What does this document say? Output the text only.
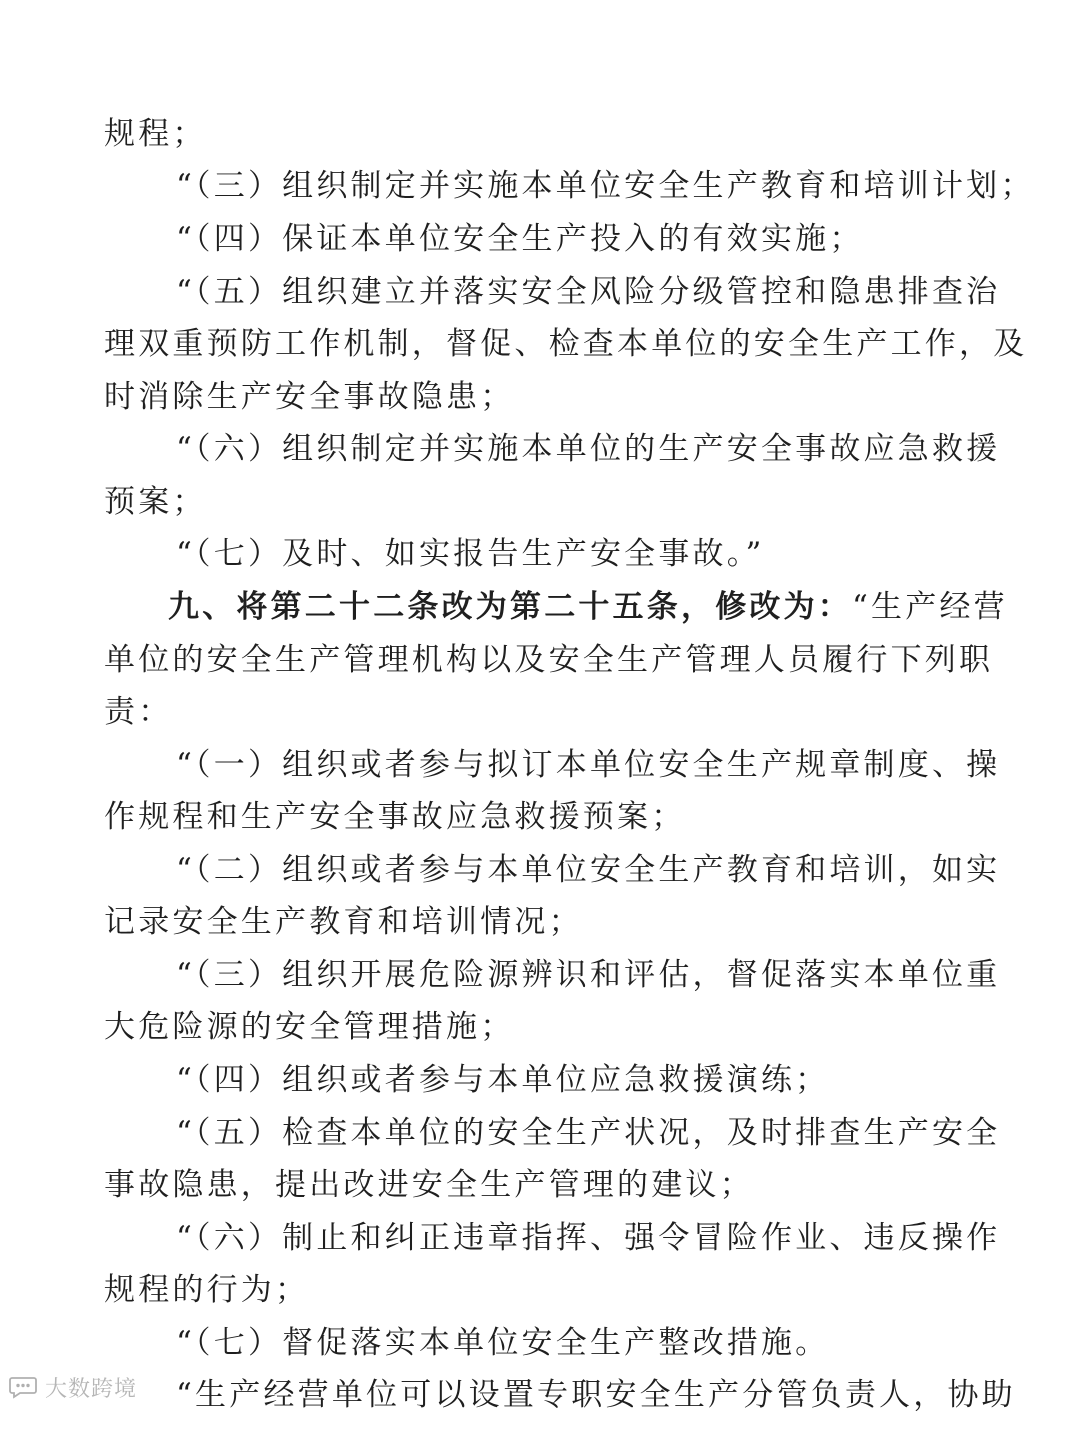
规程；
“（三）组织制定并实施本单位安全生产教育和培训计划；
“（四）保证本单位安全生产投入的有效实施；
“（五）组织建立并落实安全风险分级管控和隐患排查治
理双重预防工作机制，督促、检查本单位的安全生产工作，及
时消除生产安全事故隐患；
“（六）组织制定并实施本单位的生产安全事故应急救援
预案；
“（七）及时、如实报告生产安全事故。”
九、将第二十二条改为第二十五条，修改为：“生产经营
单位的安全生产管理机构以及安全生产管理人员履行下列职
责：
“（一）组织或者参与拟订本单位安全生产规章制度、操
作规程和生产安全事故应急救援预案；
“（二）组织或者参与本单位安全生产教育和培训，如实
记录安全生产教育和培训情况；
“（三）组织开展危险源辨识和评估，督促落实本单位重
大危险源的安全管理措施；
“（四）组织或者参与本单位应急救援演练；
“（五）检查本单位的安全生产状况，及时排查生产安全
事故隐患，提出改进安全生产管理的建议；
“（六）制止和纠正违章指挥、强令冒险作业、违反操作
规程的行为；
“（七）督促落实本单位安全生产整改措施。
“生产经营单位可以设置专职安全生产分管负责人，协助
大数跨境
